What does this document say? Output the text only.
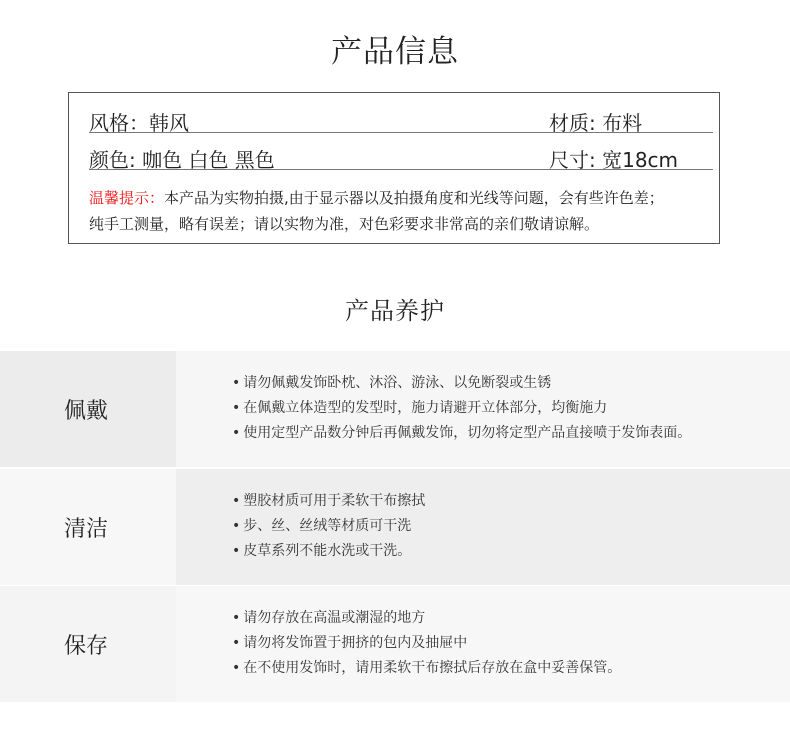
产品信息
风格：韩风	材质: 布料
颜色: 咖色 白色 黑色	尺寸: 宽18cm
温馨提示：本产品为实物拍摄,由于显示器以及拍摄角度和光线等问题，会有些许色差；
纯手工测量，略有误差；请以实物为准，对色彩要求非常高的亲们敬请谅解。
产品养护
佩戴
• 请勿佩戴发饰卧枕、沐浴、游泳、以免断裂或生锈
• 在佩戴立体造型的发型时，施力请避开立体部分，均衡施力
• 使用定型产品数分钟后再佩戴发饰，切勿将定型产品直接喷于发饰表面。
清洁
• 塑胶材质可用于柔软干布擦拭
• 步、丝、丝绒等材质可干洗
• 皮草系列不能水洗或干洗。
保存
• 请勿存放在高温或潮湿的地方
• 请勿将发饰置于拥挤的包内及抽屉中
• 在不使用发饰时，请用柔软干布擦拭后存放在盒中妥善保管。
